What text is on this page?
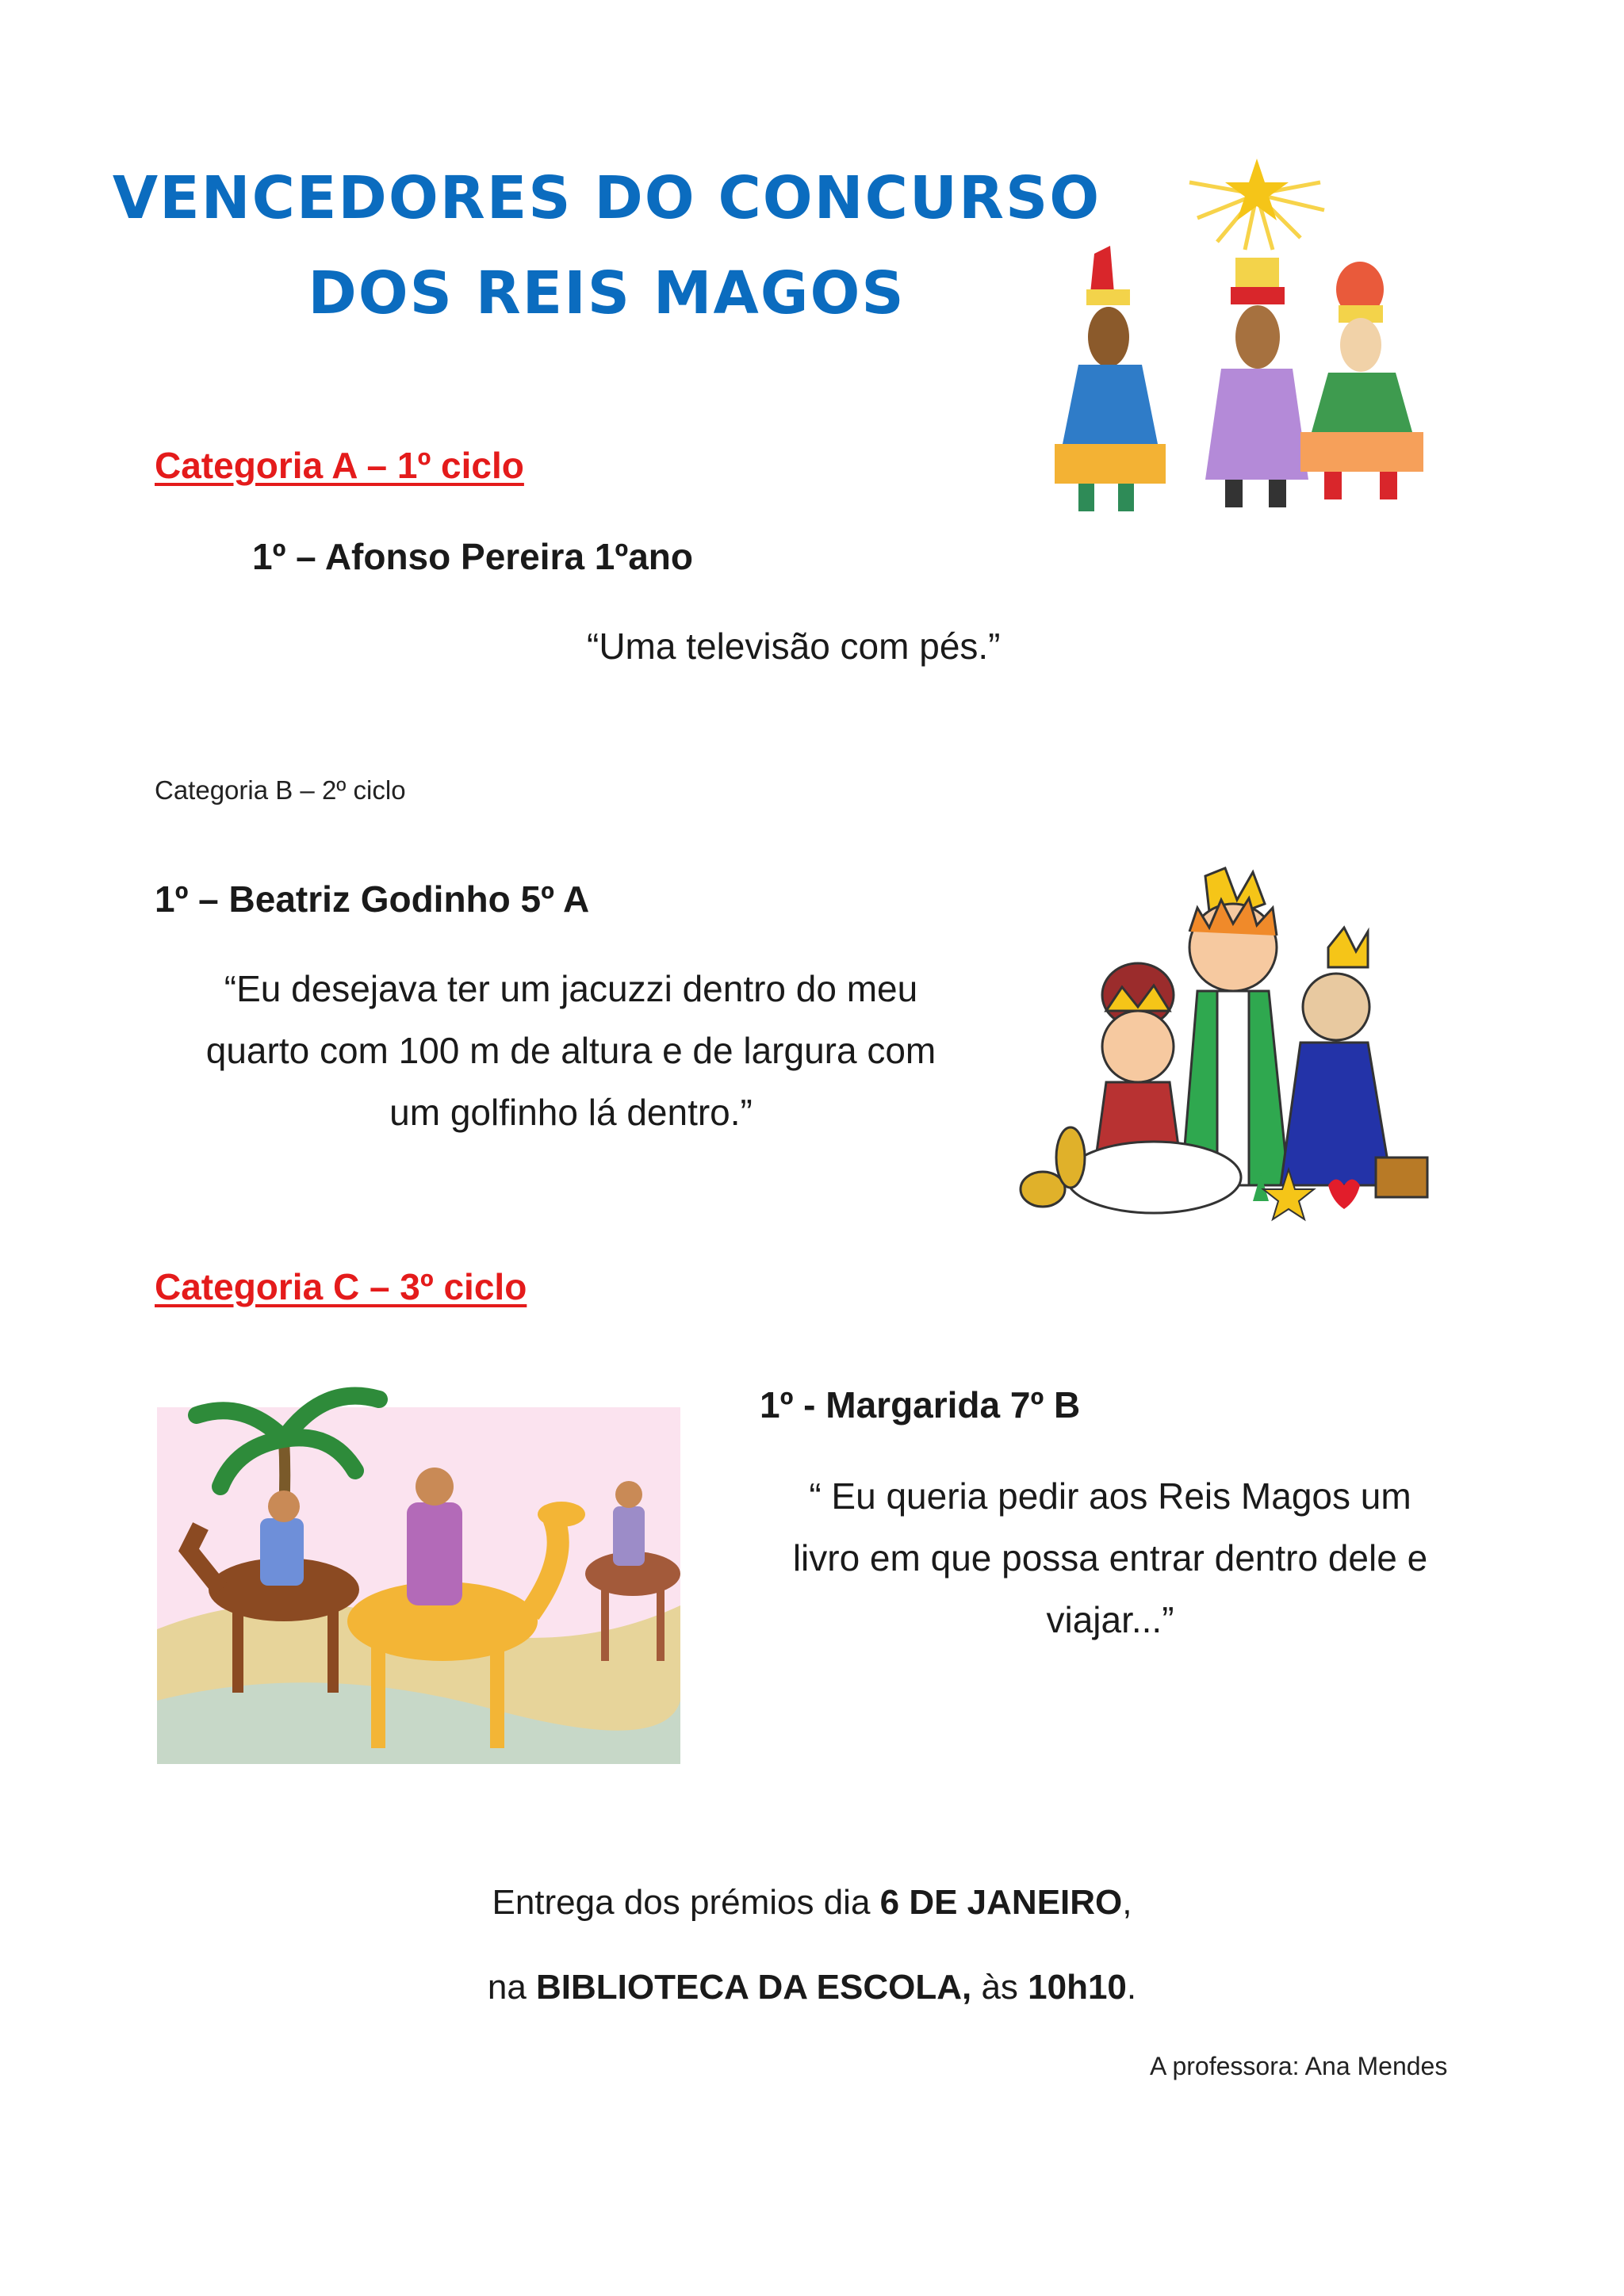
VENCEDORES DO CONCURSO
DOS REIS MAGOS
Categoria A – 1º ciclo
1º – Afonso Pereira 1ºano
“Uma televisão com pés.”
Categoria B – 2º ciclo
1º – Beatriz Godinho 5º A
“Eu desejava ter um jacuzzi dentro do meu
quarto com 100 m de altura e de largura com
um golfinho lá dentro.”
Categoria C – 3º ciclo
1º - Margarida 7º B
“ Eu queria pedir aos Reis Magos um
livro em que possa entrar dentro dele e
viajar...”
Entrega dos prémios dia 6 DE JANEIRO,
na BIBLIOTECA DA ESCOLA, às 10h10.
A professora: Ana Mendes
